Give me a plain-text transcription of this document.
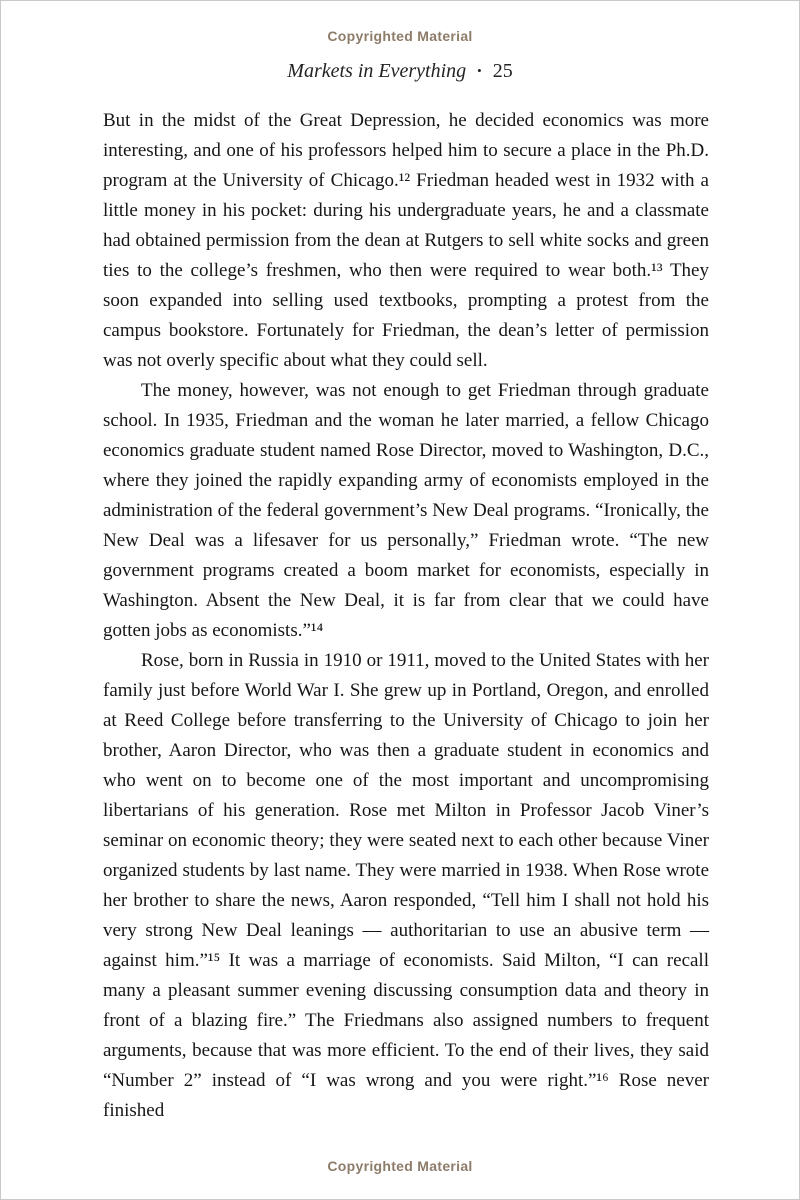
Copyrighted Material
Markets in Everything • 25

But in the midst of the Great Depression, he decided economics was more interesting, and one of his professors helped him to secure a place in the Ph.D. program at the University of Chicago.¹² Friedman headed west in 1932 with a little money in his pocket: during his undergraduate years, he and a classmate had obtained permission from the dean at Rutgers to sell white socks and green ties to the college’s freshmen, who then were required to wear both.¹³ They soon expanded into selling used textbooks, prompting a protest from the campus bookstore. Fortunately for Friedman, the dean’s letter of permission was not overly specific about what they could sell.

The money, however, was not enough to get Friedman through graduate school. In 1935, Friedman and the woman he later married, a fellow Chicago economics graduate student named Rose Director, moved to Washington, D.C., where they joined the rapidly expanding army of economists employed in the administration of the federal government’s New Deal programs. “Ironically, the New Deal was a lifesaver for us personally,” Friedman wrote. “The new government programs created a boom market for economists, especially in Washington. Absent the New Deal, it is far from clear that we could have gotten jobs as economists.”¹⁴

Rose, born in Russia in 1910 or 1911, moved to the United States with her family just before World War I. She grew up in Portland, Oregon, and enrolled at Reed College before transferring to the University of Chicago to join her brother, Aaron Director, who was then a graduate student in economics and who went on to become one of the most important and uncompromising libertarians of his generation. Rose met Milton in Professor Jacob Viner’s seminar on economic theory; they were seated next to each other because Viner organized students by last name. They were married in 1938. When Rose wrote her brother to share the news, Aaron responded, “Tell him I shall not hold his very strong New Deal leanings — authoritarian to use an abusive term — against him.”¹⁵ It was a marriage of economists. Said Milton, “I can recall many a pleasant summer evening discussing consumption data and theory in front of a blazing fire.” The Friedmans also assigned numbers to frequent arguments, because that was more efficient. To the end of their lives, they said “Number 2” instead of “I was wrong and you were right.”¹⁶ Rose never finished

Copyrighted Material
